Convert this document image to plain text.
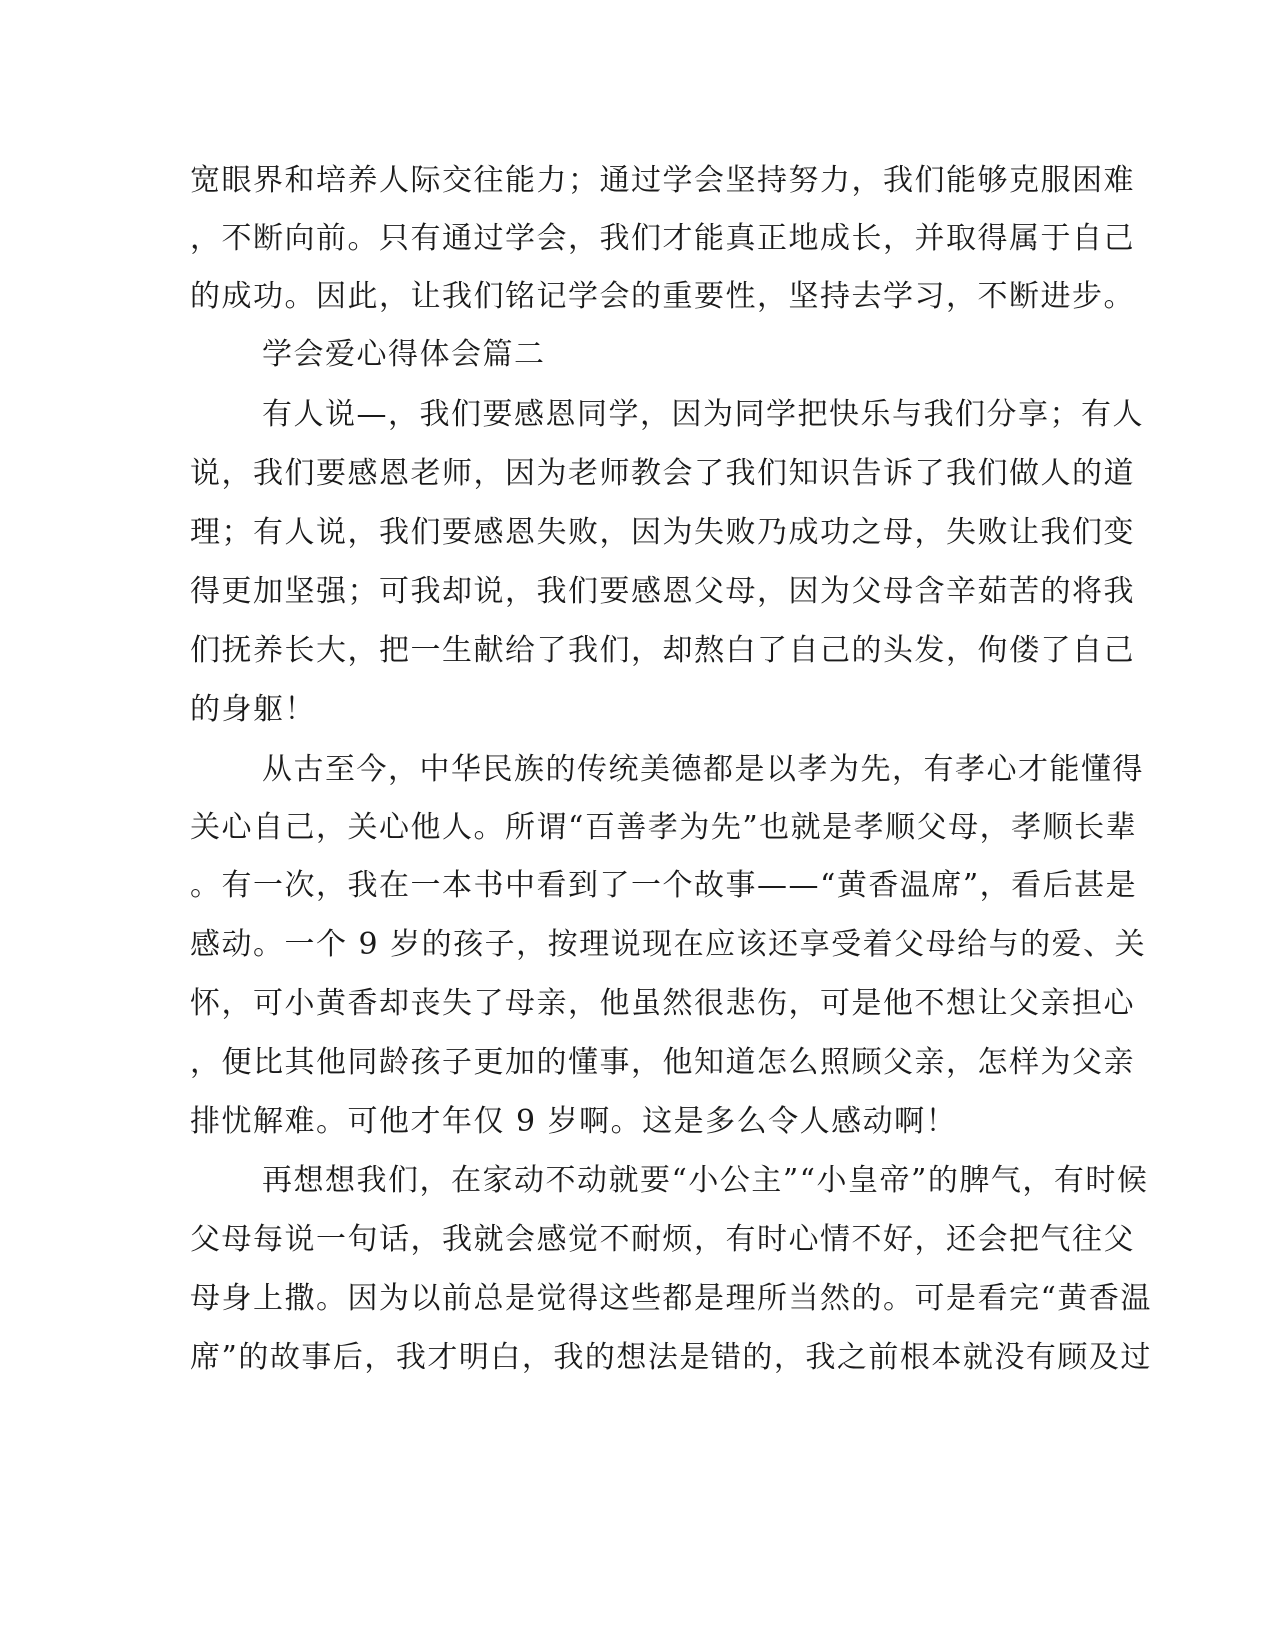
宽眼界和培养人际交往能力；通过学会坚持努力，我们能够克服困难
，不断向前。只有通过学会，我们才能真正地成长，并取得属于自己
的成功。因此，让我们铭记学会的重要性，坚持去学习，不断进步。
学会爱心得体会篇二
有人说—，我们要感恩同学，因为同学把快乐与我们分享；有人
说，我们要感恩老师，因为老师教会了我们知识告诉了我们做人的道
理；有人说，我们要感恩失败，因为失败乃成功之母，失败让我们变
得更加坚强；可我却说，我们要感恩父母，因为父母含辛茹苦的将我
们抚养长大，把一生献给了我们，却熬白了自己的头发，佝偻了自己
的身躯！
从古至今，中华民族的传统美德都是以孝为先，有孝心才能懂得
关心自己，关心他人。所谓“百善孝为先”也就是孝顺父母，孝顺长辈
。有一次，我在一本书中看到了一个故事——“黄香温席”，看后甚是
感动。一个 9 岁的孩子，按理说现在应该还享受着父母给与的爱、关
怀，可小黄香却丧失了母亲，他虽然很悲伤，可是他不想让父亲担心
，便比其他同龄孩子更加的懂事，他知道怎么照顾父亲，怎样为父亲
排忧解难。可他才年仅 9 岁啊。这是多么令人感动啊！
再想想我们，在家动不动就要“小公主”“小皇帝”的脾气，有时候
父母每说一句话，我就会感觉不耐烦，有时心情不好，还会把气往父
母身上撒。因为以前总是觉得这些都是理所当然的。可是看完“黄香温
席”的故事后，我才明白，我的想法是错的，我之前根本就没有顾及过
